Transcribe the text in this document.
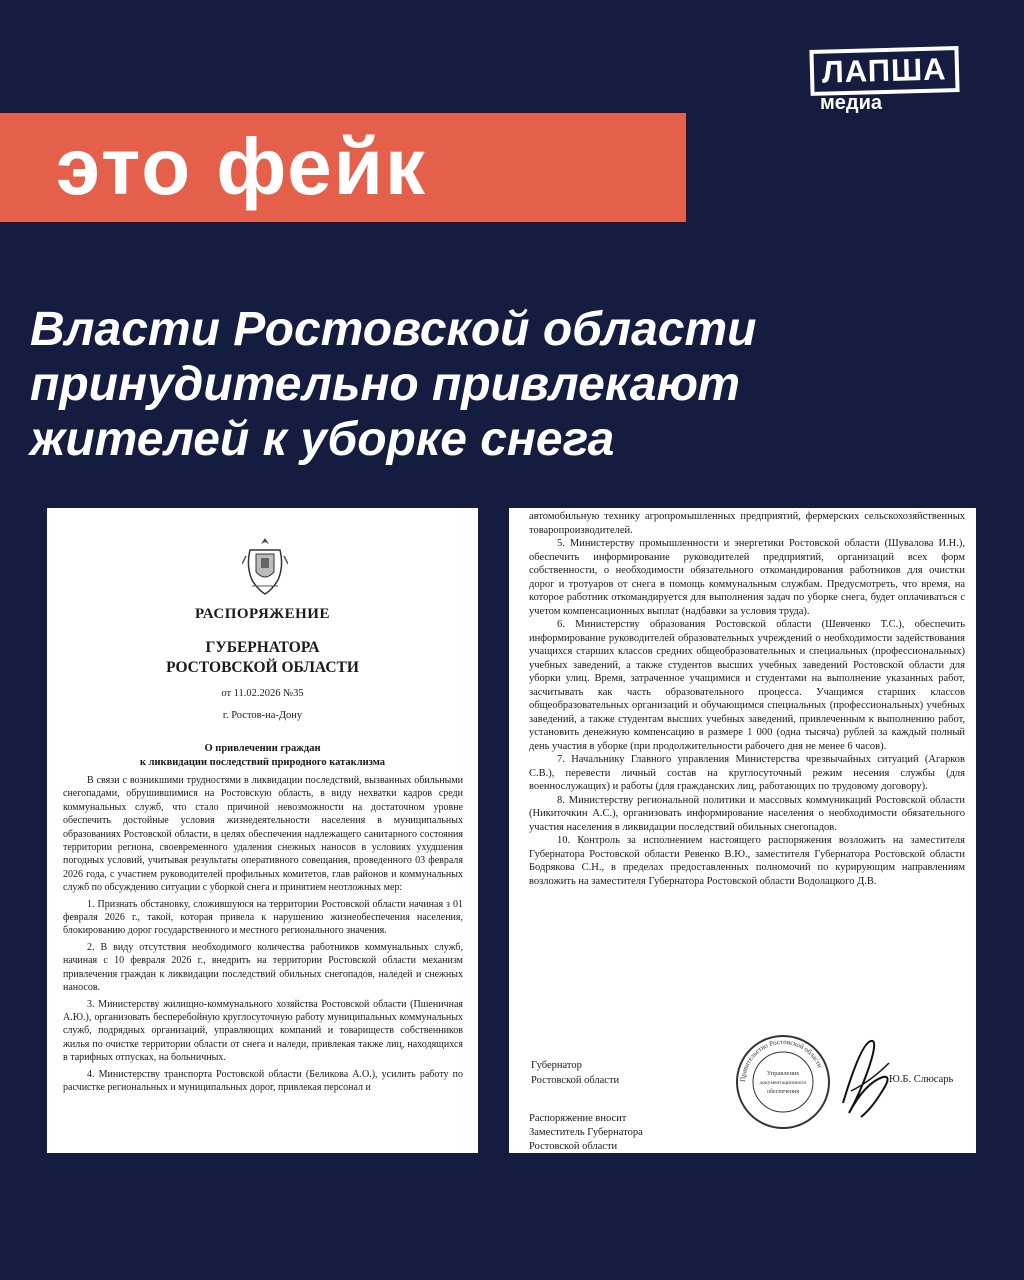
ЛАПША
медиа
это фейк
Власти Ростовской области
принудительно привлекают
жителей к уборке снега
РАСПОРЯЖЕНИЕ
ГУБЕРНАТОРА
РОСТОВСКОЙ ОБЛАСТИ
от 11.02.2026 №35
г. Ростов-на-Дону
О привлечении граждан
к ликвидации последствий природного катаклизма

В связи с возникшими трудностями в ликвидации последствий, вызванных обильными снегопадами, обрушившимися на Ростовскую область, в виду нехватки кадров среди коммунальных служб, что стало причиной невозможности на достаточном уровне обеспечить достойные условия жизнедеятельности населения в муниципальных образованиях Ростовской области, в целях обеспечения надлежащего санитарного состояния территории региона, своевременного удаления снежных наносов в условиях ухудшения погодных условий, учитывая результаты оперативного совещания, проведенного 03 февраля 2026 года, с участием руководителей профильных комитетов, глав районов и коммунальных служб по обсуждению ситуации с уборкой снега и принятием неотложных мер:

1. Признать обстановку, сложившуюся на территории Ростовской области начиная з 01 февраля 2026 г., такой, которая привела к нарушению жизнеобеспечения населения, блокированию дорог государственного и местного регионального значения.

2. В виду отсутствия необходимого количества работников коммунальных служб, начиная с 10 февраля 2026 г., внедрить на территории Ростовской области механизм привлечения граждан к ликвидации последствий обильных снегопадов, наледей и снежных наносов.

3. Министерству жилищно-коммунального хозяйства Ростовской области (Пшеничная А.Ю.), организовать бесперебойную круглосуточную работу муниципальных коммунальных служб, подрядных организаций, управляющих компаний и товариществ собственников жилья по очистке территории области от снега и наледи, привлекая также лиц, находящихся в тарифных отпусках, на больничных.

4. Министерству транспорта Ростовской области (Беликова А.О.), усилить работу по расчистке региональных и муниципальных дорог, привлекая персонал и

автомобильную технику агропромышленных предприятий, фермерских сельскохозяйственных товаропроизводителей.

5. Министерству промышленности и энергетики Ростовской области (Шувалова И.Н.), обеспечить информирование руководителей предприятий, организаций всех форм собственности, о необходимости обязательного откомандирования работников для очистки дорог и тротуаров от снега в помощь коммунальным службам. Предусмотреть, что время, на которое работник откомандируется для выполнения задач по уборке снега, будет оплачиваться с учетом компенсационных выплат (надбавки за условия труда).

6. Министерству образования Ростовской области (Шевченко Т.С.), обеспечить информирование руководителей образовательных учреждений о необходимости задействования учащихся старших классов средних общеобразовательных и специальных (профессиональных) учебных заведений, а также студентов высших учебных заведений Ростовской области для уборки улиц. Время, затраченное учащимися и студентами на выполнение указанных работ, засчитывать как часть образовательного процесса. Учащимся старших классов общеобразовательных организаций и обучающимся специальных (профессиональных) учебных заведений, а также студентам высших учебных заведений, привлеченным к выполнению работ, установить денежную компенсацию в размере 1 000 (одна тысяча) рублей за каждый полный день участия в уборке (при продолжительности рабочего дня не менее 6 часов).

7. Начальнику Главного управления Министерства чрезвычайных ситуаций (Агарков С.В.), перевести личный состав на круглосуточный режим несения службы (для военнослужащих) и работы (для гражданских лиц, работающих по трудовому договору).

8. Министерству региональной политики и массовых коммуникаций Ростовской области (Никиточкин А.С.), организовать информирование населения о необходимости обязательного участия населения в ликвидации последствий обильных снегопадов.

10. Контроль за исполнением настоящего распоряжения возложить на заместителя Губернатора Ростовской области Ревенко В.Ю., заместителя Губернатора Ростовской области Бодрякова С.Н., в пределах предоставленных полномочий по курирующим направлениям возложить на заместителя Губернатора Ростовской области Водолацкого Д.В.

Губернатор
Ростовской области	Правительство Ростовской области
Управление
документационного
обеспечения
Ю.Б. Слюсарь
Распоряжение вносит
Заместитель Губернатора
Ростовской области
